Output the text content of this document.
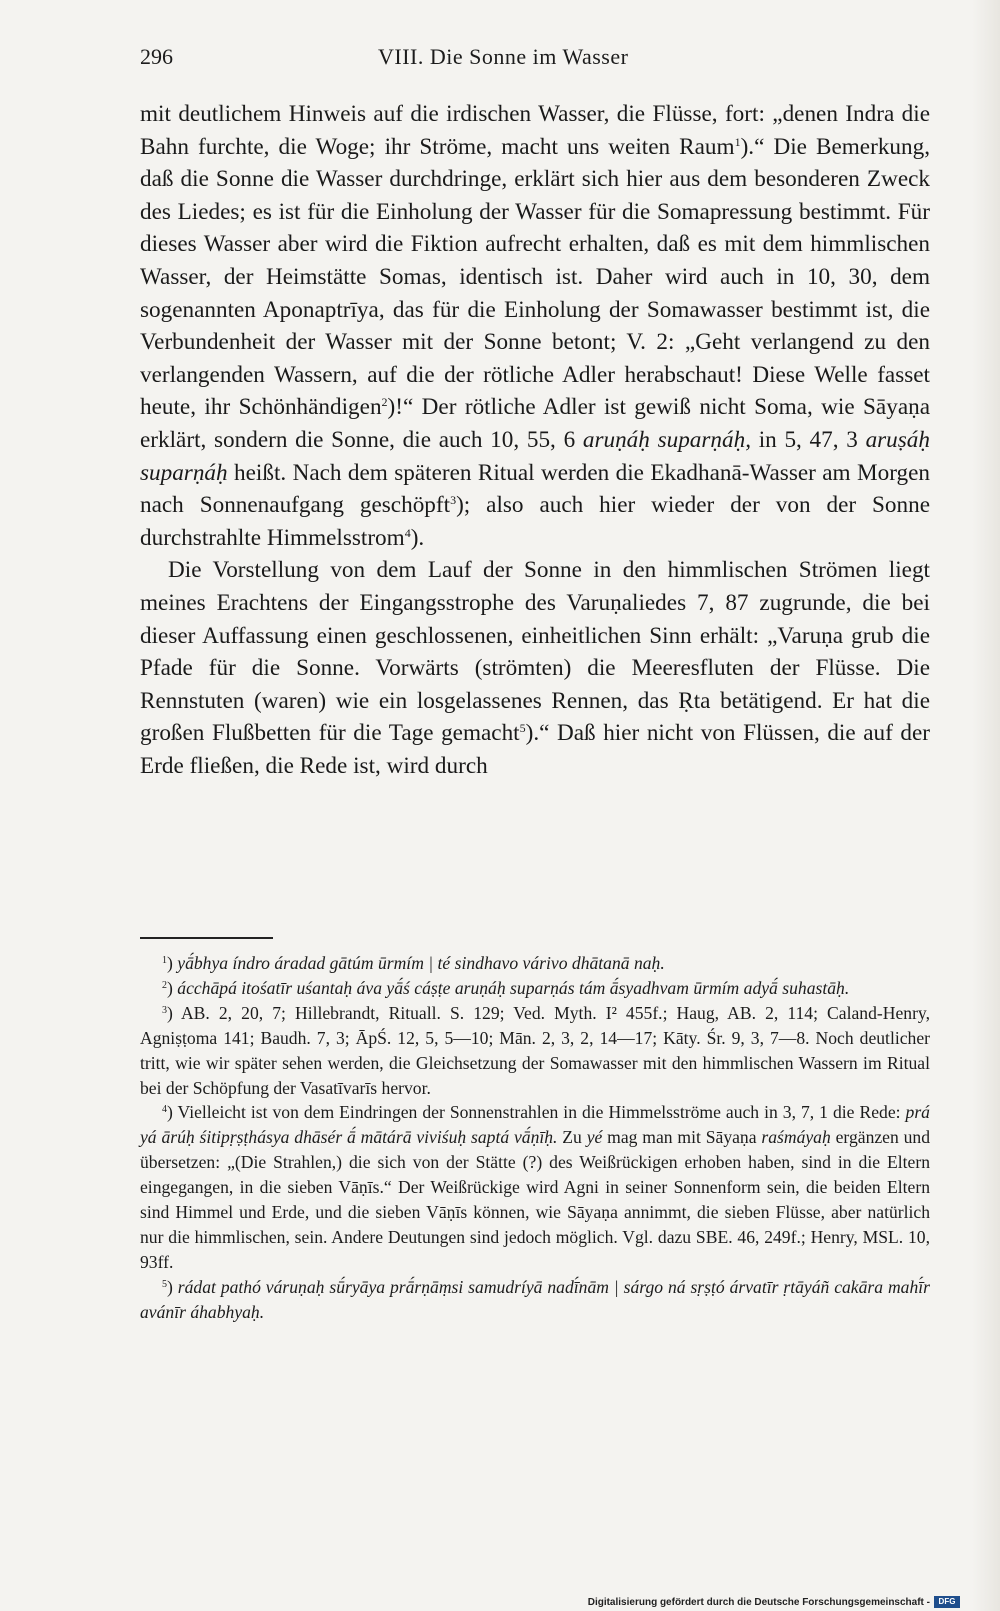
296	VIII. Die Sonne im Wasser

mit deutlichem Hinweis auf die irdischen Wasser, die Flüsse, fort: „denen Indra die Bahn furchte, die Woge; ihr Ströme, macht uns weiten Raum$^1$).“ Die Bemerkung, daß die Sonne die Wasser durchdringe, erklärt sich hier aus dem besonderen Zweck des Liedes; es ist für die Einholung der Wasser für die Somapressung bestimmt. Für dieses Wasser aber wird die Fiktion aufrecht erhalten, daß es mit dem himmlischen Wasser, der Heimstätte Somas, identisch ist. Daher wird auch in 10, 30, dem sogenannten Aponaptrīya, das für die Einholung der Somawasser bestimmt ist, die Verbundenheit der Wasser mit der Sonne betont; V. 2: „Geht verlangend zu den verlangenden Wassern, auf die der rötliche Adler herabschaut! Diese Welle fasset heute, ihr Schönhändigen$^2$)!“ Der rötliche Adler ist gewiß nicht Soma, wie Sāyaṇa erklärt, sondern die Sonne, die auch 10, 55, 6 aruṇáḥ suparṇáḥ, in 5, 47, 3 aruṣáḥ suparṇáḥ heißt. Nach dem späteren Ritual werden die Ekadhanā-Wasser am Morgen nach Sonnenaufgang geschöpft$^3$); also auch hier wieder der von der Sonne durchstrahlte Himmelsstrom$^4$).

Die Vorstellung von dem Lauf der Sonne in den himmlischen Strömen liegt meines Erachtens der Eingangsstrophe des Varuṇaliedes 7, 87 zugrunde, die bei dieser Auffassung einen geschlossenen, einheitlichen Sinn erhält: „Varuṇa grub die Pfade für die Sonne. Vorwärts (strömten) die Meeresfluten der Flüsse. Die Rennstuten (waren) wie ein losgelassenes Rennen, das Ṛta betätigend. Er hat die großen Flußbetten für die Tage gemacht$^5$).“ Daß hier nicht von Flüssen, die auf der Erde fließen, die Rede ist, wird durch

$^1$) yā́bhya índro áradad gātúm ūrmím | té sindhavo várivo dhātanā naḥ.

$^2$) ácchāpá itośatīr uśantaḥ áva yā́ś cáṣṭe aruṇáḥ suparṇás tám ā́syadhvam ūrmím adyā́ suhastāḥ.

$^3$) AB. 2, 20, 7; Hillebrandt, Rituall. S. 129; Ved. Myth. I² 455f.; Haug, AB. 2, 114; Caland-Henry, Agniṣṭoma 141; Baudh. 7, 3; ĀpŚ. 12, 5, 5—10; Mān. 2, 3, 2, 14—17; Kāty. Śr. 9, 3, 7—8. Noch deutlicher tritt, wie wir später sehen werden, die Gleichsetzung der Somawasser mit den himmlischen Wassern im Ritual bei der Schöpfung der Vasatīvarīs hervor.

$^4$) Vielleicht ist von dem Eindringen der Sonnenstrahlen in die Himmelsströme auch in 3, 7, 1 die Rede: prá yá ārúḥ śitipṛṣṭhásya dhāsér ā́ mātárā viviśuḥ saptá vā́ṇīḥ. Zu yé mag man mit Sāyaṇa raśmáyaḥ ergänzen und übersetzen: „(Die Strahlen,) die sich von der Stätte (?) des Weißrückigen erhoben haben, sind in die Eltern eingegangen, in die sieben Vāṇīs.“ Der Weißrückige wird Agni in seiner Sonnenform sein, die beiden Eltern sind Himmel und Erde, und die sieben Vāṇīs können, wie Sāyaṇa annimmt, die sieben Flüsse, aber natürlich nur die himmlischen, sein. Andere Deutungen sind jedoch möglich. Vgl. dazu SBE. 46, 249f.; Henry, MSL. 10, 93ff.

$^5$) rádat pathó váruṇaḥ sū́ryāya prā́rṇāṃsi samudríyā nadī́nām | sárgo ná sṛṣṭó árvatīr ṛtāyáñ cakāra mahī́r avánīr áhabhyaḥ.

Digitalisierung gefördert durch die Deutsche Forschungsgemeinschaft -	DFG
